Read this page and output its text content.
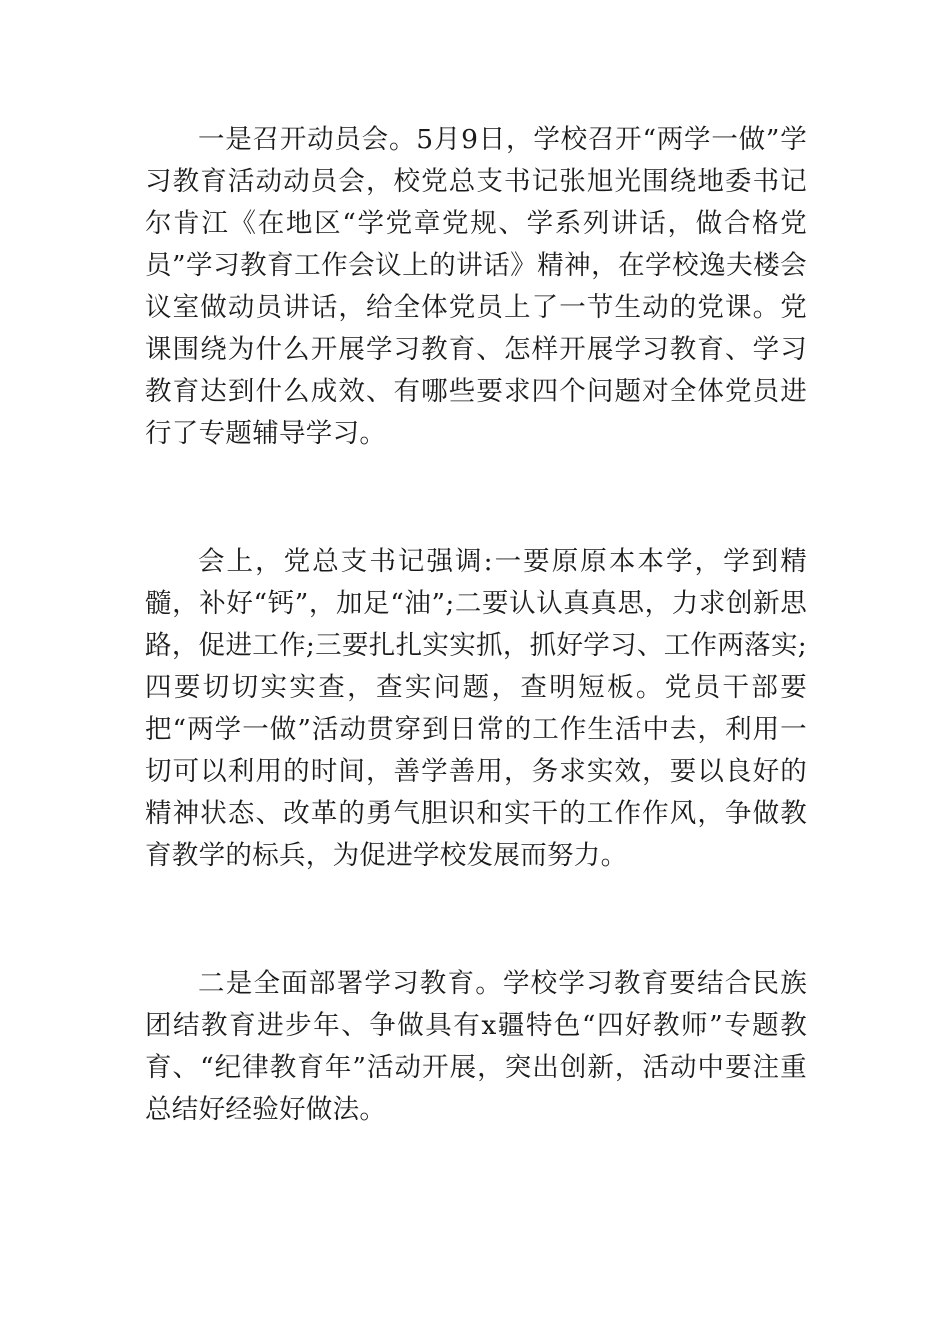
一是召开动员会。5月9日，学校召开“两学一做”学习教育活动动员会，校党总支书记张旭光围绕地委书记尔肯江《在地区“学党章党规、学系列讲话，做合格党员”学习教育工作会议上的讲话》精神，在学校逸夫楼会议室做动员讲话，给全体党员上了一节生动的党课。党课围绕为什么开展学习教育、怎样开展学习教育、学习教育达到什么成效、有哪些要求四个问题对全体党员进行了专题辅导学习。

会上，党总支书记强调:一要原原本本学，学到精髓，补好“钙”，加足“油”;二要认认真真思，力求创新思路，促进工作;三要扎扎实实抓，抓好学习、工作两落实;四要切切实实查，查实问题，查明短板。党员干部要把“两学一做”活动贯穿到日常的工作生活中去，利用一切可以利用的时间，善学善用，务求实效，要以良好的精神状态、改革的勇气胆识和实干的工作作风，争做教育教学的标兵，为促进学校发展而努力。

二是全面部署学习教育。学校学习教育要结合民族团结教育进步年、争做具有x疆特色“四好教师”专题教育、“纪律教育年”活动开展，突出创新，活动中要注重总结好经验好做法。
